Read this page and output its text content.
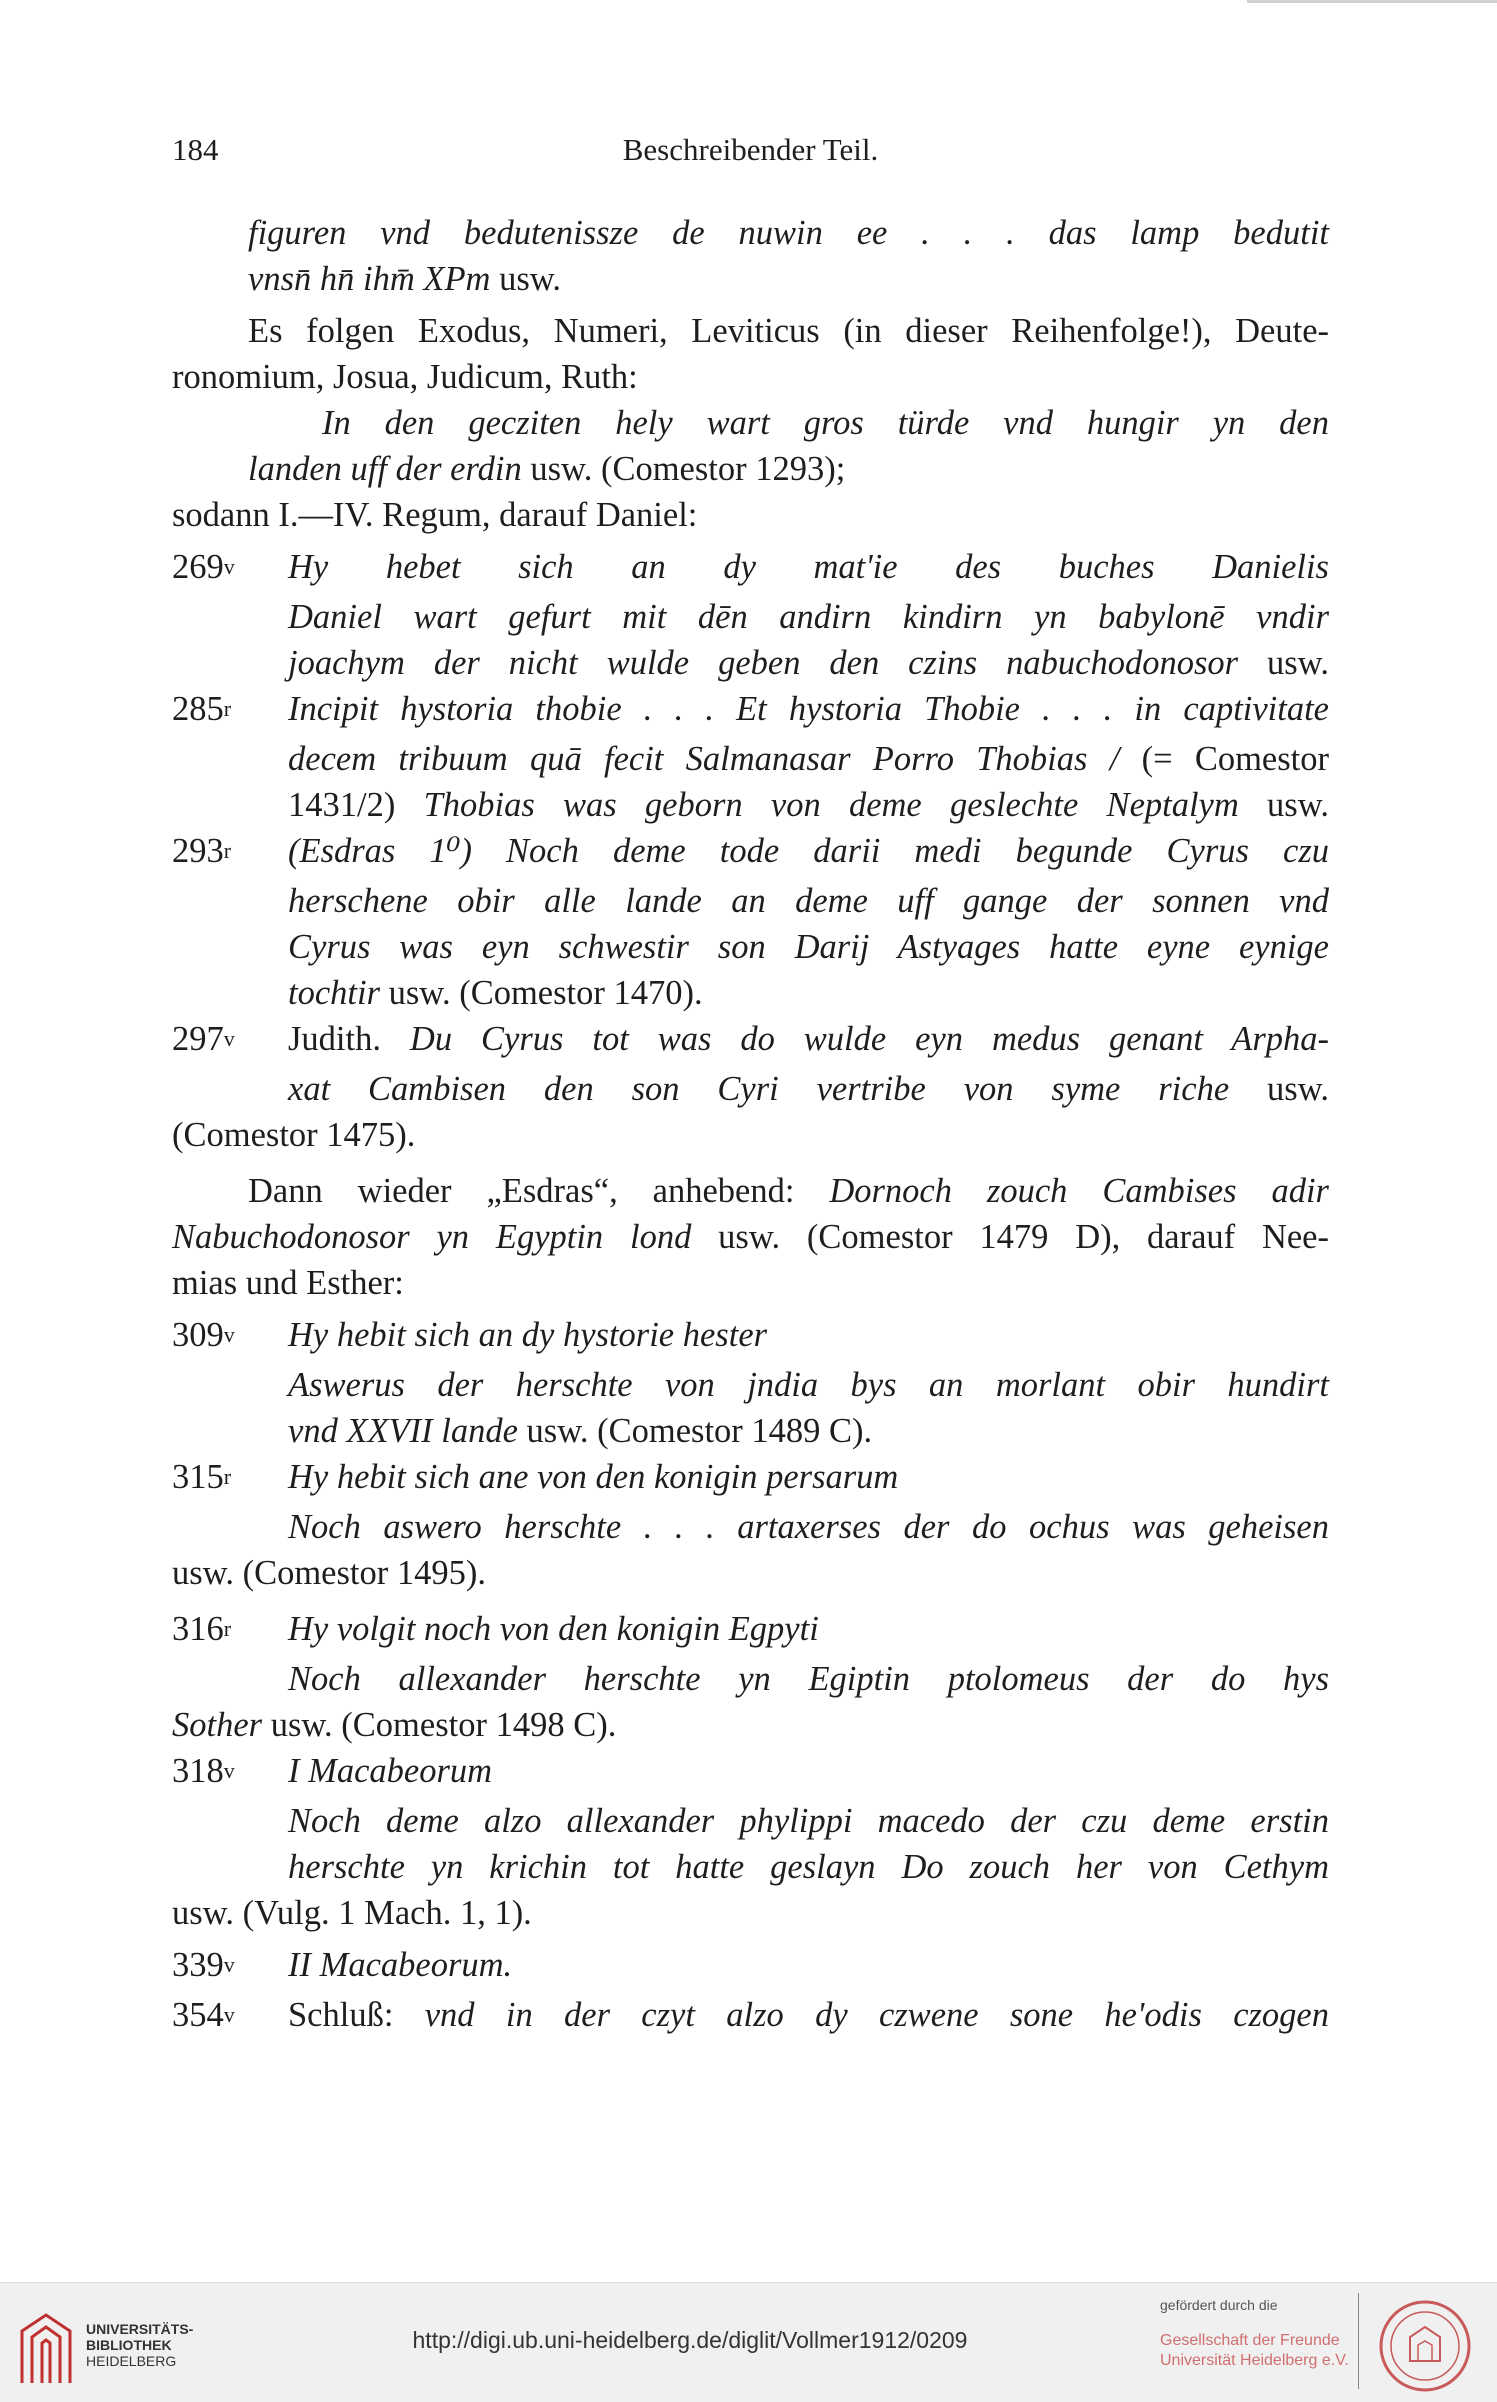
184	Beschreibender Teil.
figuren vnd bedutenissze de nuwin ee . . . das lamp bedutit
vnsn̄ hn̄ ihm̄ XPm usw.
Es folgen Exodus, Numeri, Leviticus (in dieser Reihenfolge!), Deute-
ronomium, Josua, Judicum, Ruth:
In den gecziten hely wart gros türde vnd hungir yn den
landen uff der erdin usw. (Comestor 1293);
sodann I.—IV. Regum, darauf Daniel:
269$^v$ Hy hebet sich an dy mat'ie des buches Danielis
Daniel wart gefurt mit dēn andirn kindirn yn babylonē vndir
joachym der nicht wulde geben den czins nabuchodonosor usw.
285$^r$ Incipit hystoria thobie . . . Et hystoria Thobie . . . in captivitate
decem tribuum quā fecit Salmanasar Porro Thobias / (= Comestor
1431/2) Thobias was geborn von deme geslechte Neptalym usw.
293$^r$ (Esdras 1⁰) Noch deme tode darii medi begunde Cyrus czu
herschene obir alle lande an deme uff gange der sonnen vnd
Cyrus was eyn schwestir son Darij Astyages hatte eyne eynige
tochtir usw. (Comestor 1470).
297$^v$ Judith. Du Cyrus tot was do wulde eyn medus genant Arpha-
xat Cambisen den son Cyri vertribe von syme riche usw.
(Comestor 1475).
Dann wieder „Esdras“, anhebend: Dornoch zouch Cambises adir
Nabuchodonosor yn Egyptin lond usw. (Comestor 1479 D), darauf Nee-
mias und Esther:
309$^v$ Hy hebit sich an dy hystorie hester
Aswerus der herschte von jndia bys an morlant obir hundirt
vnd XXVII lande usw. (Comestor 1489 C).
315$^r$ Hy hebit sich ane von den konigin persarum
Noch aswero herschte . . . artaxerses der do ochus was geheisen
usw. (Comestor 1495).
316$^r$ Hy volgit noch von den konigin Egpyti
Noch allexander herschte yn Egiptin ptolomeus der do hys
Sother usw. (Comestor 1498 C).
318$^v$ I Macabeorum
Noch deme alzo allexander phylippi macedo der czu deme erstin
herschte yn krichin tot hatte geslayn Do zouch her von Cethym
usw. (Vulg. 1 Mach. 1, 1).
339$^v$ II Macabeorum.
354$^v$ Schluß: vnd in der czyt alzo dy czwene sone he'odis czogen
UNIVERSITÄTS-
BIBLIOTHEK
HEIDELBERG
http://digi.ub.uni-heidelberg.de/diglit/Vollmer1912/0209
gefördert durch die
Gesellschaft der Freunde
Universität Heidelberg e.V.
